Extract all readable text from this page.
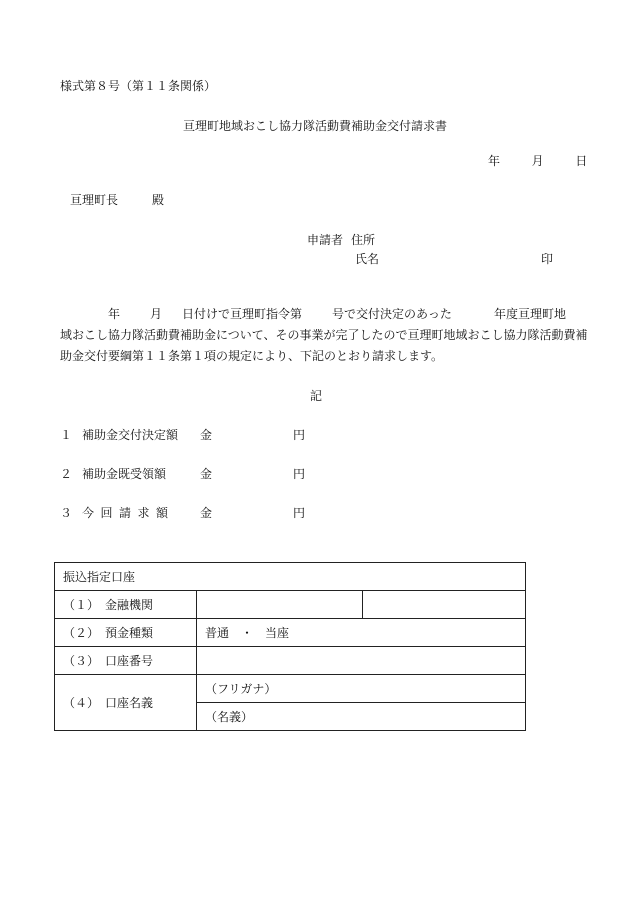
様式第８号（第１１条関係）
亘理町地域おこし協力隊活動費補助金交付請求書
年	月	日
亘理町長	殿
申請者 住所
氏名	印
年	月 日付けで亘理町指令第	号で交付決定のあった	年度亘理町地
域おこし協力隊活動費補助金について、その事業が完了したので亘理町地域おこし協力隊活動費補
助金交付要綱第１１条第１項の規定により、下記のとおり請求します。
記
１ 補助金交付決定額 金	円
２ 補助金既受領額	金	円
３ 今回請求額 金	円
振込指定口座		
（１） 金融機関		
（２） 預金種類	普通　・　当座	
（３） 口座番号		
（４） 口座名義	（フリガナ）	
	（名義）	
